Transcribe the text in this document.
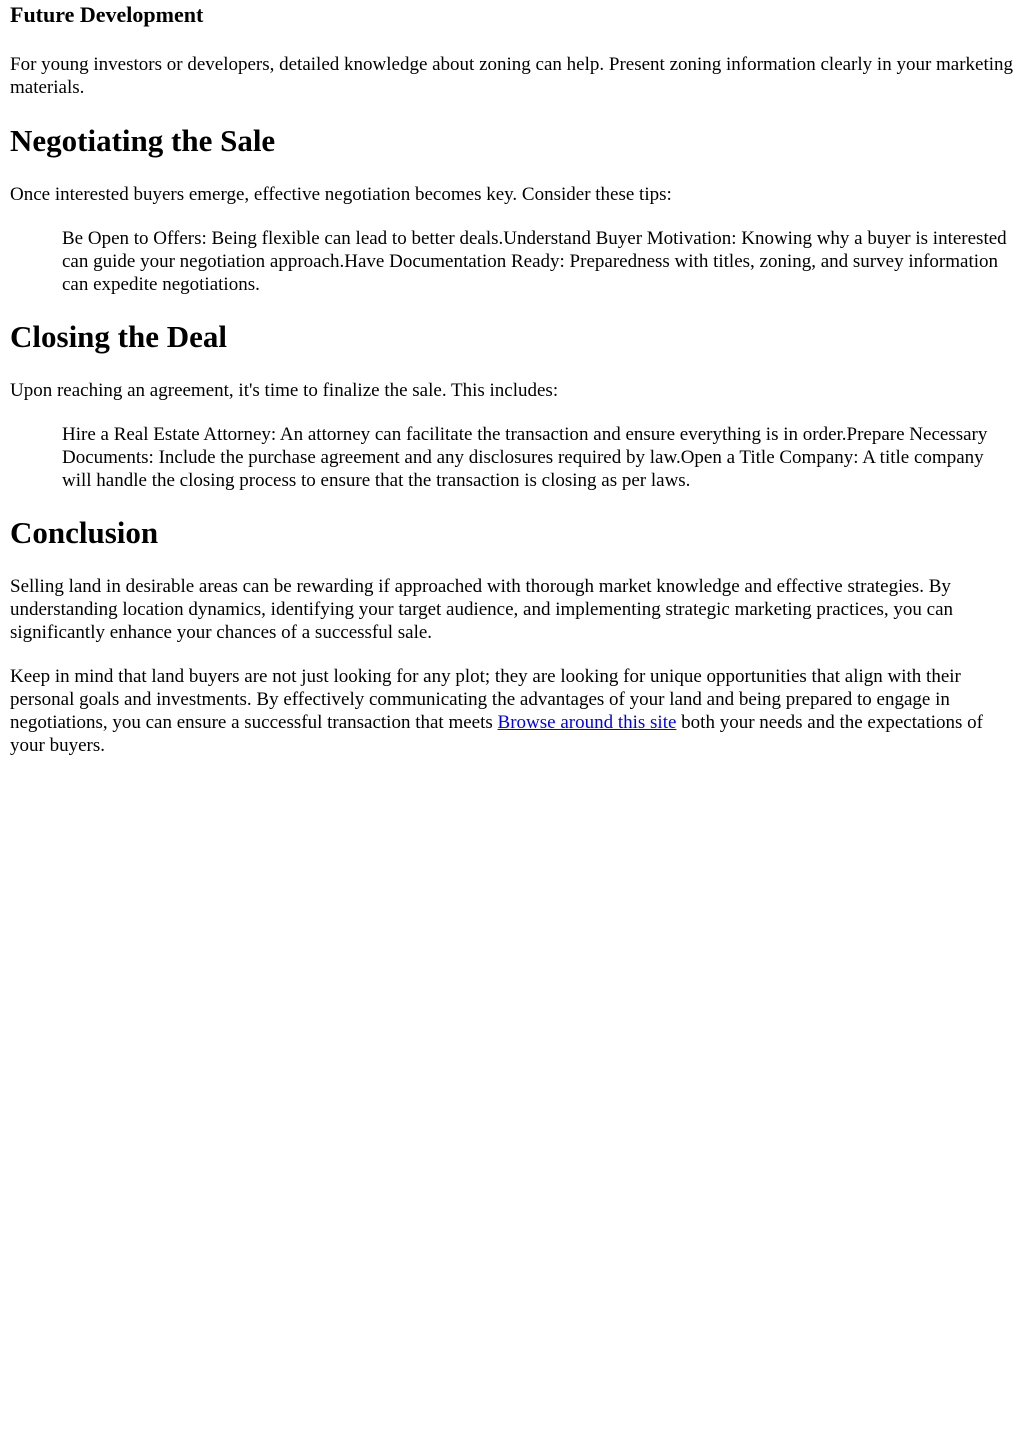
Future Development

For young investors or developers, detailed knowledge about zoning can help. Present zoning information clearly in your marketing materials.

Negotiating the Sale

Once interested buyers emerge, effective negotiation becomes key. Consider these tips:

Be Open to Offers: Being flexible can lead to better deals.Understand Buyer Motivation: Knowing why a buyer is interested can guide your negotiation approach.Have Documentation Ready: Preparedness with titles, zoning, and survey information can expedite negotiations.
Closing the Deal

Upon reaching an agreement, it's time to finalize the sale. This includes:

Hire a Real Estate Attorney: An attorney can facilitate the transaction and ensure everything is in order.Prepare Necessary Documents: Include the purchase agreement and any disclosures required by law.Open a Title Company: A title company will handle the closing process to ensure that the transaction is closing as per laws.
Conclusion

Selling land in desirable areas can be rewarding if approached with thorough market knowledge and effective strategies. By understanding location dynamics, identifying your target audience, and implementing strategic marketing practices, you can significantly enhance your chances of a successful sale.

Keep in mind that land buyers are not just looking for any plot; they are looking for unique opportunities that align with their personal goals and investments. By effectively communicating the advantages of your land and being prepared to engage in negotiations, you can ensure a successful transaction that meets Browse around this site both your needs and the expectations of your buyers.
